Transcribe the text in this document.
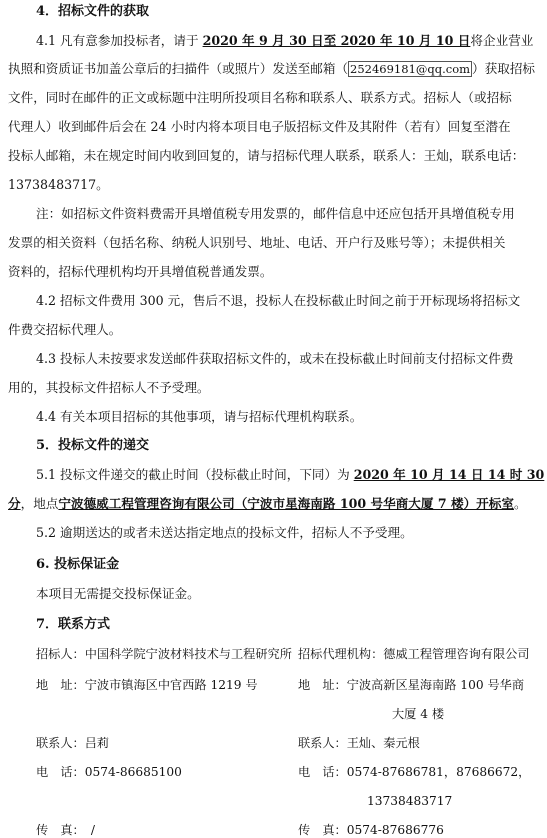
4．招标文件的获取
4.1 凡有意参加投标者，请于 2020 年 9 月 30 日至 2020 年 10 月 10 日将企业营业
执照和资质证书加盖公章后的扫描件（或照片）发送至邮箱（ 252469181@qq.com ）获取招标
文件，同时在邮件的正文或标题中注明所投项目名称和联系人、联系方式。招标人（或招标
代理人）收到邮件后会在 24 小时内将本项目电子版招标文件及其附件（若有）回复至潜在
投标人邮箱，未在规定时间内收到回复的，请与招标代理人联系，联系人：王灿，联系电话：
13738483717。
注：如招标文件资料费需开具增值税专用发票的，邮件信息中还应包括开具增值税专用
发票的相关资料（包括名称、纳税人识别号、地址、电话、开户行及账号等）；未提供相关
资料的，招标代理机构均开具增值税普通发票。
4.2 招标文件费用 300 元，售后不退，投标人在投标截止时间之前于开标现场将招标文
件费交招标代理人。
4.3 投标人未按要求发送邮件获取招标文件的，或未在投标截止时间前支付招标文件费
用的，其投标文件招标人不予受理。
4.4 有关本项目招标的其他事项，请与招标代理机构联系。
5．投标文件的递交
5.1 投标文件递交的截止时间（投标截止时间，下同）为 2020 年 10 月 14 日 14 时 30
分，地点宁波德威工程管理咨询有限公司（宁波市星海南路 100 号华商大厦 7 楼）开标室。
5.2 逾期送达的或者未送达指定地点的投标文件，招标人不予受理。
6. 投标保证金
本项目无需提交投标保证金。
7．联系方式
招标人：中国科学院宁波材料技术与工程研究所
地　址：宁波市镇海区中官西路 1219 号
联系人：吕莉
电　话：0574-86685100
传　真：　/
招标代理机构：德威工程管理咨询有限公司
地　址：宁波高新区星海南路 100 号华商
大厦 4 楼
联系人：王灿、秦元根
电　话：0574-87686781，87686672，
13738483717
传　真：0574-87686776
